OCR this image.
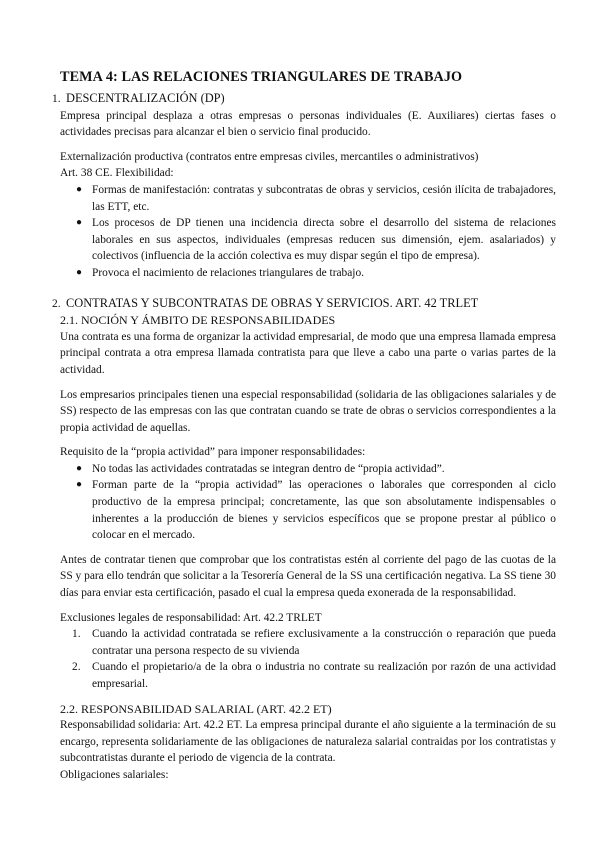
TEMA 4: LAS RELACIONES TRIANGULARES DE TRABAJO
1. DESCENTRALIZACIÓN (DP)

Empresa principal desplaza a otras empresas o personas individuales (E. Auxiliares) ciertas fases o actividades precisas para alcanzar el bien o servicio final producido.

Externalización productiva (contratos entre empresas civiles, mercantiles o administrativos)

Art. 38 CE. Flexibilidad:

● Formas de manifestación: contratas y subcontratas de obras y servicios, cesión ilícita de trabajadores, las ETT, etc.
● Los procesos de DP tienen una incidencia directa sobre el desarrollo del sistema de relaciones laborales en sus aspectos, individuales (empresas reducen sus dimensión, ejem. asalariados) y colectivos (influencia de la acción colectiva es muy dispar según el tipo de empresa).
● Provoca el nacimiento de relaciones triangulares de trabajo.
2. CONTRATAS Y SUBCONTRATAS DE OBRAS Y SERVICIOS. ART. 42 TRLET
2.1. NOCIÓN Y ÁMBITO DE RESPONSABILIDADES

Una contrata es una forma de organizar la actividad empresarial, de modo que una empresa llamada empresa principal contrata a otra empresa llamada contratista para que lleve a cabo una parte o varias partes de la actividad.

Los empresarios principales tienen una especial responsabilidad (solidaria de las obligaciones salariales y de SS) respecto de las empresas con las que contratan cuando se trate de obras o servicios correspondientes a la propia actividad de aquellas.

Requisito de la “propia actividad” para imponer responsabilidades:

● No todas las actividades contratadas se integran dentro de “propia actividad”.
● Forman parte de la “propia actividad” las operaciones o laborales que corresponden al ciclo productivo de la empresa principal; concretamente, las que son absolutamente indispensables o inherentes a la producción de bienes y servicios específicos que se propone prestar al público o colocar en el mercado.

Antes de contratar tienen que comprobar que los contratistas estén al corriente del pago de las cuotas de la SS y para ello tendrán que solicitar a la Tesorería General de la SS una certificación negativa. La SS tiene 30 días para enviar esta certificación, pasado el cual la empresa queda exonerada de la responsabilidad.

Exclusiones legales de responsabilidad: Art. 42.2 TRLET

1. Cuando la actividad contratada se refiere exclusivamente a la construcción o reparación que pueda contratar una persona respecto de su vivienda
2. Cuando el propietario/a de la obra o industria no contrate su realización por razón de una actividad empresarial.
2.2. RESPONSABILIDAD SALARIAL (ART. 42.2 ET)

Responsabilidad solidaria: Art. 42.2 ET. La empresa principal durante el año siguiente a la terminación de su encargo, representa solidariamente de las obligaciones de naturaleza salarial contraidas por los contratistas y subcontratistas durante el periodo de vigencia de la contrata.

Obligaciones salariales:
